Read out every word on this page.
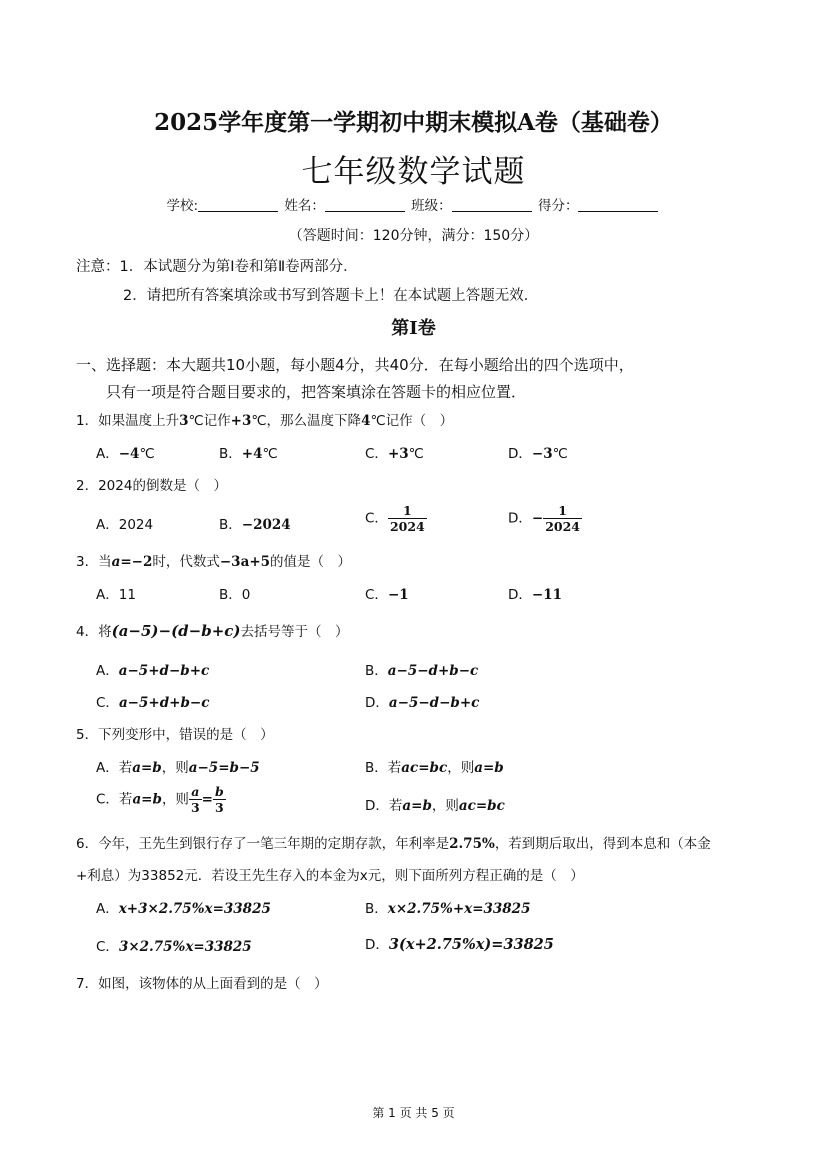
2025学年度第一学期初中期末模拟A卷（基础卷）
七年级数学试题
学校:	姓名：	班级：	得分：
（答题时间：120分钟，满分：150分）
注意：1．本试题分为第Ⅰ卷和第Ⅱ卷两部分．
2．请把所有答案填涂或书写到答题卡上！在本试题上答题无效．
第Ⅰ卷
一、选择题：本大题共10小题，每小题4分，共40分．在每小题给出的四个选项中，
只有一项是符合题目要求的，把答案填涂在答题卡的相应位置．
1．如果温度上升3℃记作+3℃，那么温度下降4℃记作（　）
A．−4℃	B．+4℃	C．+3℃	D．−3℃
2．2024的倒数是（　）
A．2024	B．−2024	C． $\frac{1}{2024}$	D．− $\frac{1}{2024}$
3．当a=−2时，代数式−3a+5的值是（　）
A．11	B．0	C．−1	D．−11
4．将(a−5)−(d−b+c)去括号等于（　）
A．a−5+d−b+c	B．a−5−d+b−c
C．a−5+d+b−c	D．a−5−d−b+c
5．下列变形中，错误的是（　）
A．若a=b，则a−5=b−5	B．若ac=bc，则a=b
C．若a=b，则 $\frac{a}{3} = \frac{b}{3}$	D．若a=b，则ac=bc
6．今年，王先生到银行存了一笔三年期的定期存款，年利率是2.75%，若到期后取出，得到本息和（本金
+利息）为33852元．若设王先生存入的本金为x元，则下面所列方程正确的是（　）
A．x+3×2.75%x=33825	B．x×2.75%+x=33825
C．3×2.75%x=33825	D．3(x+2.75%x)=33825
7．如图，该物体的从上面看到的是（　）
第 1 页 共 5 页
